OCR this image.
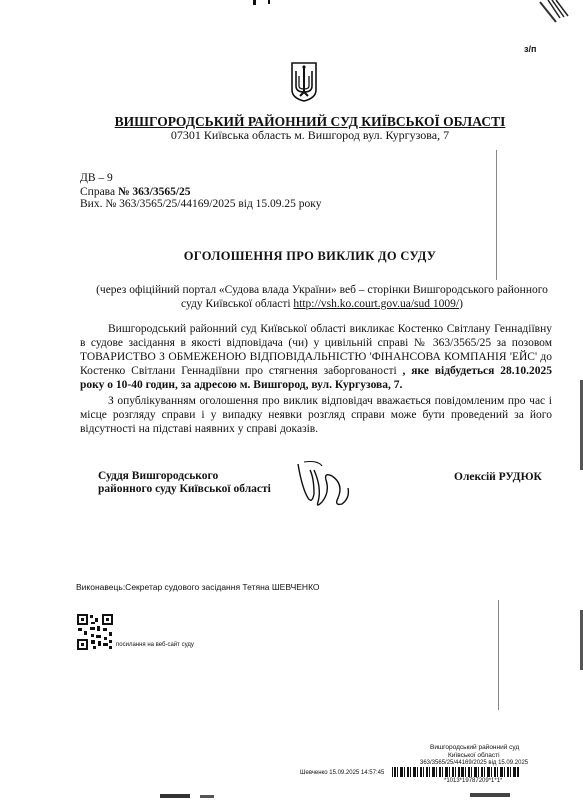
з/п
ВИШГОРОДСЬКИЙ РАЙОННИЙ СУД КИЇВСЬКОЇ ОБЛАСТІ
07301 Київська область м. Вишгород вул. Кургузова, 7
ДВ – 9
Справа № 363/3565/25
Вих. № 363/3565/25/44169/2025 від 15.09.25 року
ОГОЛОШЕННЯ ПРО ВИКЛИК ДО СУДУ
(через офіційний портал «Судова влада України» веб – сторінки Вишгородського районного суду Київської області http://vsh.ko.court.gov.ua/sud 1009/)
Вишгородський районний суд Київської області викликає Костенко Світлану Геннадіївну в судове засідання в якості відповідача (чи) у цивільній справі № 363/3565/25 за позовом ТОВАРИСТВО З ОБМЕЖЕНОЮ ВІДПОВІДАЛЬНІСТЮ 'ФІНАНСОВА КОМПАНІЯ 'ЕЙС' до Костенко Світлани Геннадіївни про стягнення заборгованості , яке відбудеться 28.10.2025 року о 10-40 годин, за адресою м. Вишгород, вул. Кургузова, 7.
З опублікуванням оголошення про виклик відповідач вважається повідомленим про час і місце розгляду справи і у випадку неявки розгляд справи може бути проведений за його відсутності на підставі наявних у справі доказів.
Суддя Вишгородського
районного суду Київської області
Олексій РУДЮК
Виконавець:Секретар судового засідання Тетяна ШЕВЧЕНКО
посилання на веб-сайт суду
Вишгородський районний суд
Київської області
363/3565/25/44169/2025 від 15.09.2025
*1013*19787209*1*1*
Шевченко 15.09.2025 14:57:45
